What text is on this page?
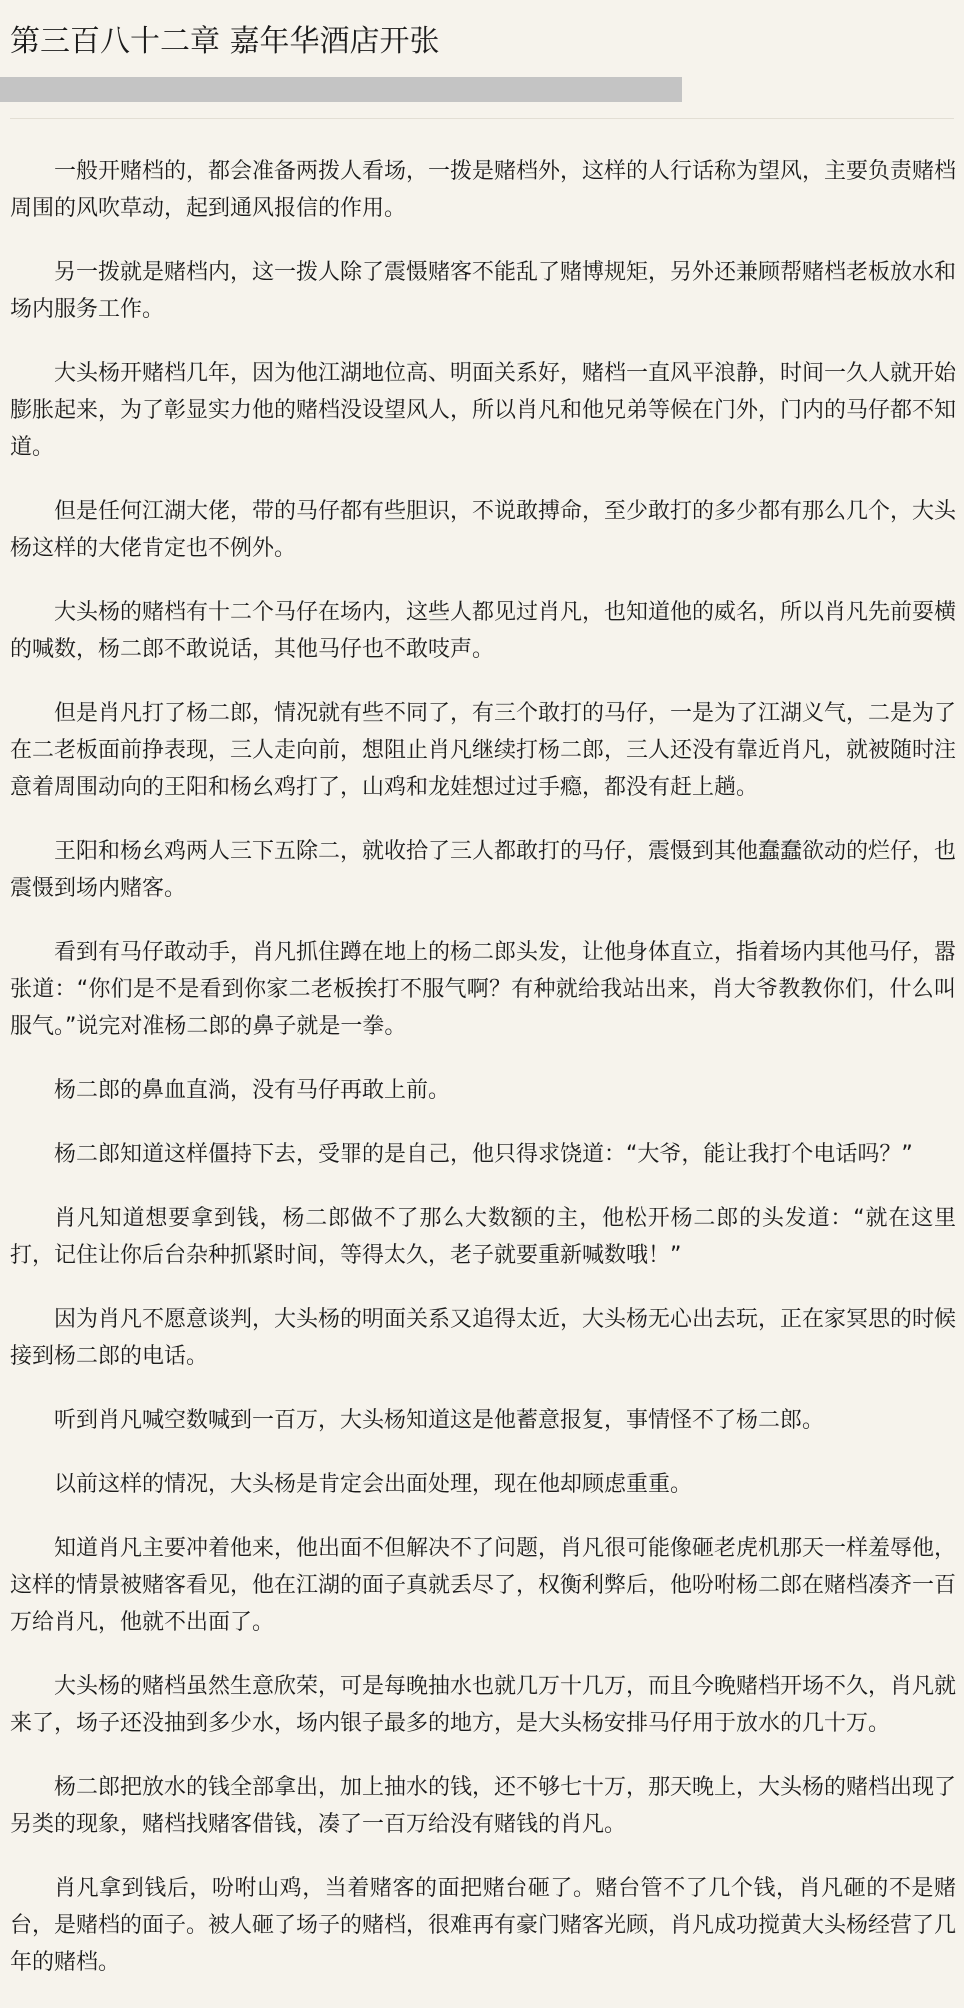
第三百八十二章 嘉年华酒店开张

一般开赌档的，都会准备两拨人看场，一拨是赌档外，这样的人行话称为望风，主要负责赌档周围的风吹草动，起到通风报信的作用。

另一拨就是赌档内，这一拨人除了震慑赌客不能乱了赌博规矩，另外还兼顾帮赌档老板放水和场内服务工作。

大头杨开赌档几年，因为他江湖地位高、明面关系好，赌档一直风平浪静，时间一久人就开始膨胀起来，为了彰显实力他的赌档没设望风人，所以肖凡和他兄弟等候在门外，门内的马仔都不知道。

但是任何江湖大佬，带的马仔都有些胆识，不说敢搏命，至少敢打的多少都有那么几个，大头杨这样的大佬肯定也不例外。

大头杨的赌档有十二个马仔在场内，这些人都见过肖凡，也知道他的威名，所以肖凡先前耍横的喊数，杨二郎不敢说话，其他马仔也不敢吱声。

但是肖凡打了杨二郎，情况就有些不同了，有三个敢打的马仔，一是为了江湖义气，二是为了在二老板面前挣表现，三人走向前，想阻止肖凡继续打杨二郎，三人还没有靠近肖凡，就被随时注意着周围动向的王阳和杨幺鸡打了，山鸡和龙娃想过过手瘾，都没有赶上趟。

王阳和杨幺鸡两人三下五除二，就收拾了三人都敢打的马仔，震慑到其他蠢蠢欲动的烂仔，也震慑到场内赌客。

看到有马仔敢动手，肖凡抓住蹲在地上的杨二郎头发，让他身体直立，指着场内其他马仔，嚣张道：“你们是不是看到你家二老板挨打不服气啊？有种就给我站出来，肖大爷教教你们，什么叫服气。”说完对准杨二郎的鼻子就是一拳。

杨二郎的鼻血直淌，没有马仔再敢上前。

杨二郎知道这样僵持下去，受罪的是自己，他只得求饶道：“大爷，能让我打个电话吗？”

肖凡知道想要拿到钱，杨二郎做不了那么大数额的主，他松开杨二郎的头发道：“就在这里打，记住让你后台杂种抓紧时间，等得太久，老子就要重新喊数哦！”

因为肖凡不愿意谈判，大头杨的明面关系又追得太近，大头杨无心出去玩，正在家冥思的时候接到杨二郎的电话。

听到肖凡喊空数喊到一百万，大头杨知道这是他蓄意报复，事情怪不了杨二郎。

以前这样的情况，大头杨是肯定会出面处理，现在他却顾虑重重。

知道肖凡主要冲着他来，他出面不但解决不了问题，肖凡很可能像砸老虎机那天一样羞辱他，这样的情景被赌客看见，他在江湖的面子真就丢尽了，权衡利弊后，他吩咐杨二郎在赌档凑齐一百万给肖凡，他就不出面了。

大头杨的赌档虽然生意欣荣，可是每晚抽水也就几万十几万，而且今晚赌档开场不久，肖凡就来了，场子还没抽到多少水，场内银子最多的地方，是大头杨安排马仔用于放水的几十万。

杨二郎把放水的钱全部拿出，加上抽水的钱，还不够七十万，那天晚上，大头杨的赌档出现了另类的现象，赌档找赌客借钱，凑了一百万给没有赌钱的肖凡。

肖凡拿到钱后，吩咐山鸡，当着赌客的面把赌台砸了。赌台管不了几个钱，肖凡砸的不是赌台，是赌档的面子。被人砸了场子的赌档，很难再有豪门赌客光顾，肖凡成功搅黄大头杨经营了几年的赌档。
